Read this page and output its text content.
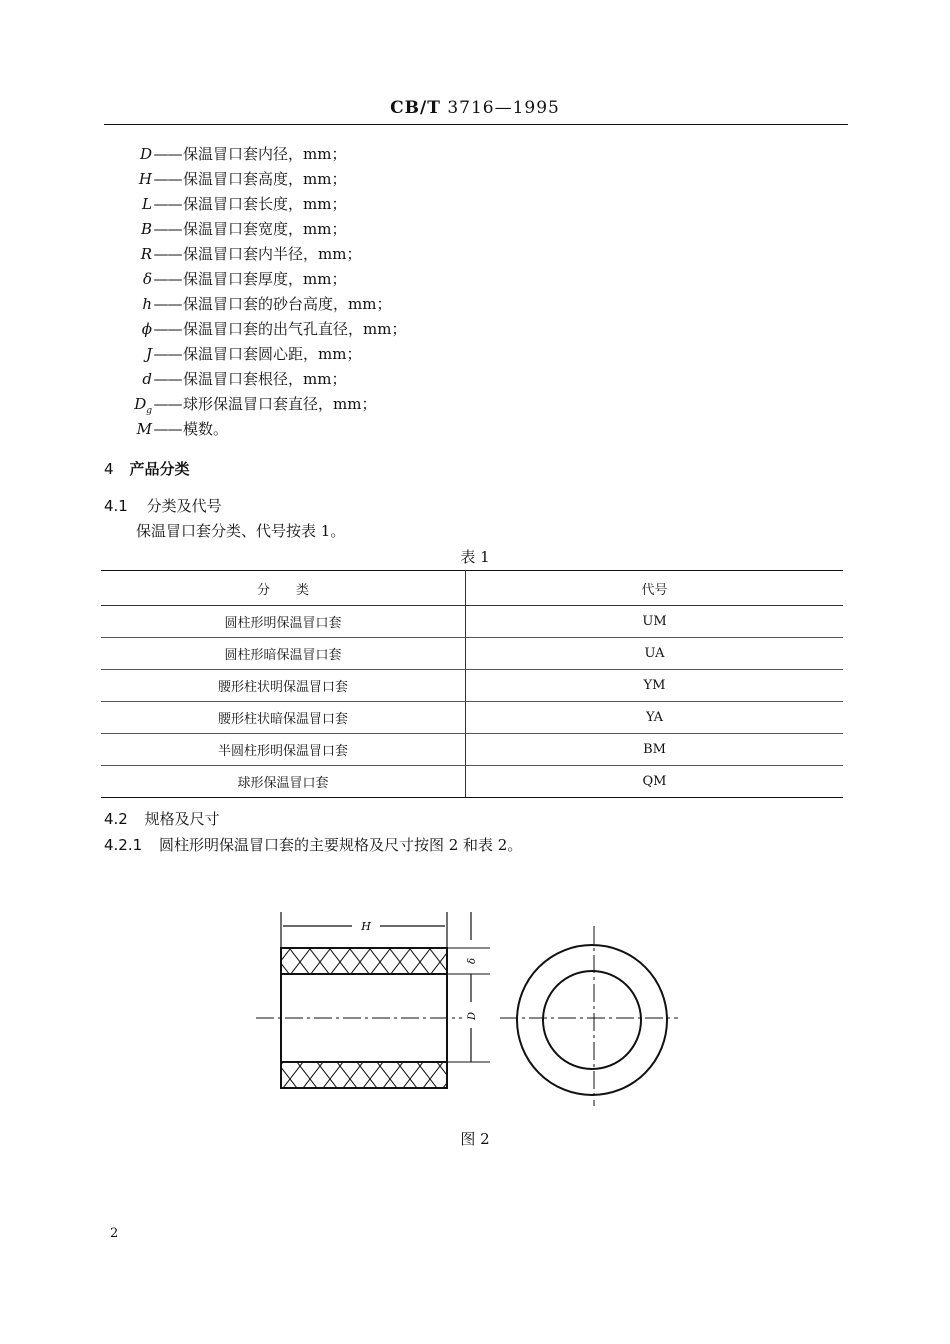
CB/T 3716—1995
D —— 保温冒口套内径，mm；
H —— 保温冒口套高度，mm；
L —— 保温冒口套长度，mm；
B —— 保温冒口套宽度，mm；
R —— 保温冒口套内半径，mm；
δ —— 保温冒口套厚度，mm；
h —— 保温冒口套的砂台高度，mm；
ϕ —— 保温冒口套的出气孔直径，mm；
J —— 保温冒口套圆心距，mm；
d —— 保温冒口套根径，mm；
$D_g$ —— 球形保温冒口套直径，mm；
M —— 模数。
4 产品分类
4.1 分类及代号
保温冒口套分类、代号按表 1。
表 1
分　　类	代号
圆柱形明保温冒口套	UM
圆柱形暗保温冒口套	UA
腰形柱状明保温冒口套	YM
腰形柱状暗保温冒口套	YA
半圆柱形明保温冒口套	BM
球形保温冒口套	QM
4.2 规格及尺寸
4.2.1 圆柱形明保温冒口套的主要规格及尺寸按图 2 和表 2。
H
δ
D
图 2
2
